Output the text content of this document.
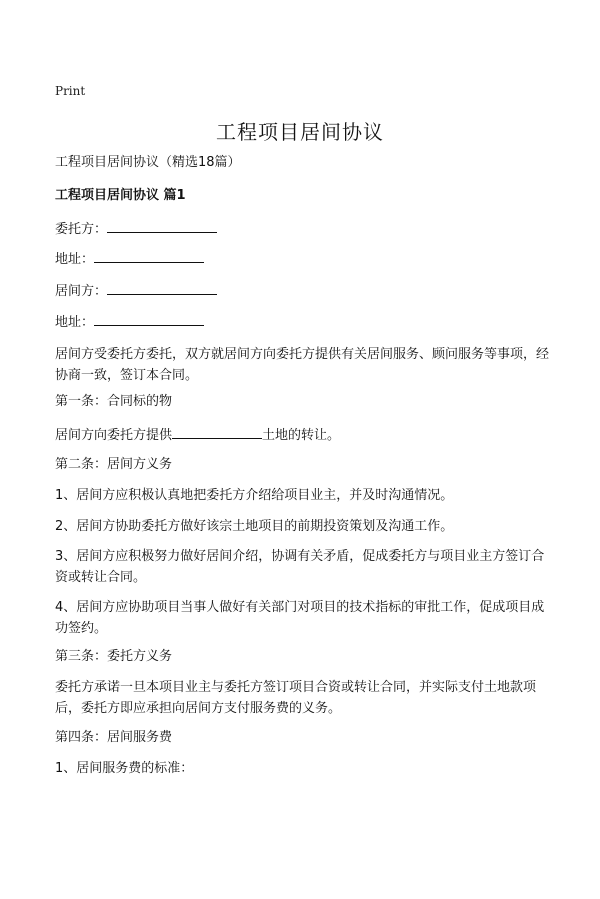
Print
工程项目居间协议
工程项目居间协议（精选18篇）
工程项目居间协议 篇1
委托方：
地址：
居间方：
地址：
居间方受委托方委托，双方就居间方向委托方提供有关居间服务、顾问服务等事项，经协商一致，签订本合同。
第一条：合同标的物
居间方向委托方提供	土地的转让。
第二条：居间方义务
1、居间方应积极认真地把委托方介绍给项目业主，并及时沟通情况。
2、居间方协助委托方做好该宗土地项目的前期投资策划及沟通工作。
3、居间方应积极努力做好居间介绍，协调有关矛盾，促成委托方与项目业主方签订合资或转让合同。
4、居间方应协助项目当事人做好有关部门对项目的技术指标的审批工作，促成项目成功签约。
第三条：委托方义务
委托方承诺一旦本项目业主与委托方签订项目合资或转让合同，并实际支付土地款项后，委托方即应承担向居间方支付服务费的义务。
第四条：居间服务费
1、居间服务费的标准：
